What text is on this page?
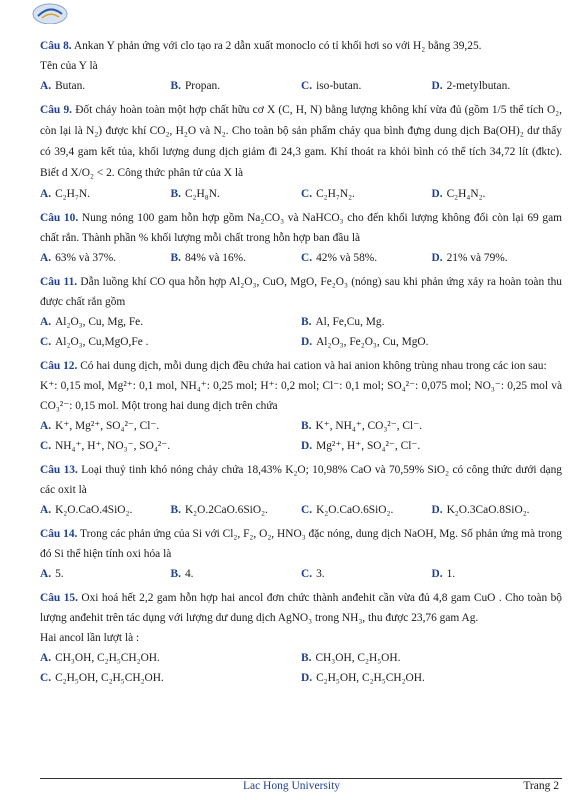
Câu 8. Ankan Y phản ứng với clo tạo ra 2 dẫn xuất monoclo có tỉ khối hơi so với H₂ bằng 39,25.
Tên của Y là
A. Butan.	B. Propan.	C. iso-butan.	D. 2-metylbutan.
Câu 9. Đốt cháy hoàn toàn một hợp chất hữu cơ X (C, H, N) bằng lượng không khí vừa đủ (gồm 1/5 thể tích O₂, còn lại là N₂) được khí CO₂, H₂O và N₂. Cho toàn bộ sản phẩm cháy qua bình đựng dung dịch Ba(OH)₂ dư thấy có 39,4 gam kết tủa, khối lượng dung dịch giảm đi 24,3 gam. Khí thoát ra khỏi bình có thể tích 34,72 lít (đktc). Biết d X/O₂ < 2. Công thức phân tử của X là
A. C₂H₇N.	B. C₂H₈N.	C. C₂H₇N₂.	D. C₂H₄N₂.
Câu 10. Nung nóng 100 gam hỗn hợp gồm Na₂CO₃ và NaHCO₃ cho đến khối lượng không đổi còn lại 69 gam chất rắn. Thành phần % khối lượng mỗi chất trong hỗn hợp ban đầu là
A. 63% và 37%.	B. 84% và 16%.	C. 42% và 58%.	D. 21% và 79%.
Câu 11. Dẫn luồng khí CO qua hỗn hợp Al₂O₃, CuO, MgO, Fe₂O₃ (nóng) sau khi phản ứng xảy ra hoàn toàn thu được chất rắn gồm
A. Al₂O₃, Cu, Mg, Fe.	B. Al, Fe,Cu, Mg.
C. Al₂O₃, Cu,MgO,Fe .	D. Al₂O₃, Fe₂O₃, Cu, MgO.
Câu 12. Có hai dung dịch, mỗi dung dịch đều chứa hai cation và hai anion không trùng nhau trong các ion sau:
K⁺: 0,15 mol, Mg²⁺: 0,1 mol, NH₄⁺: 0,25 mol; H⁺: 0,2 mol; Cl⁻: 0,1 mol; SO₄²⁻: 0,075 mol; NO₃⁻: 0,25 mol và CO₃²⁻: 0,15 mol. Một trong hai dung dịch trên chứa
A. K⁺, Mg²⁺, SO₄²⁻, Cl⁻.	B. K⁺, NH₄⁺, CO₃²⁻, Cl⁻.
C. NH₄⁺, H⁺, NO₃⁻, SO₄²⁻.	D. Mg²⁺, H⁺, SO₄²⁻, Cl⁻.
Câu 13. Loại thuỷ tinh khó nóng chảy chứa 18,43% K₂O; 10,98% CaO và 70,59% SiO₂ có công thức dưới dạng các oxit là
A. K₂O.CaO.4SiO₂.	B. K₂O.2CaO.6SiO₂.	C. K₂O.CaO.6SiO₂.	D. K₂O.3CaO.8SiO₂.
Câu 14. Trong các phản ứng của Si với Cl₂, F₂, O₂, HNO₃ đặc nóng, dung dịch NaOH, Mg. Số phản ứng mà trong đó Si thể hiện tính oxi hóa là
A. 5.	B. 4.	C. 3.	D. 1.
Câu 15. Oxi hoá hết 2,2 gam hỗn hợp hai ancol đơn chức thành anđehit cần vừa đủ 4,8 gam CuO . Cho toàn bộ lượng anđehit trên tác dụng với lượng dư dung dịch AgNO₃ trong NH₃, thu được 23,76 gam Ag.
Hai ancol lần lượt là :
A. CH₃OH, C₂H₅CH₂OH.	B. CH₃OH, C₂H₅OH.
C. C₂H₅OH, C₂H₅CH₂OH.	D. C₂H₅OH, C₂H₅CH₂OH.
Lac Hong University	Trang 2
